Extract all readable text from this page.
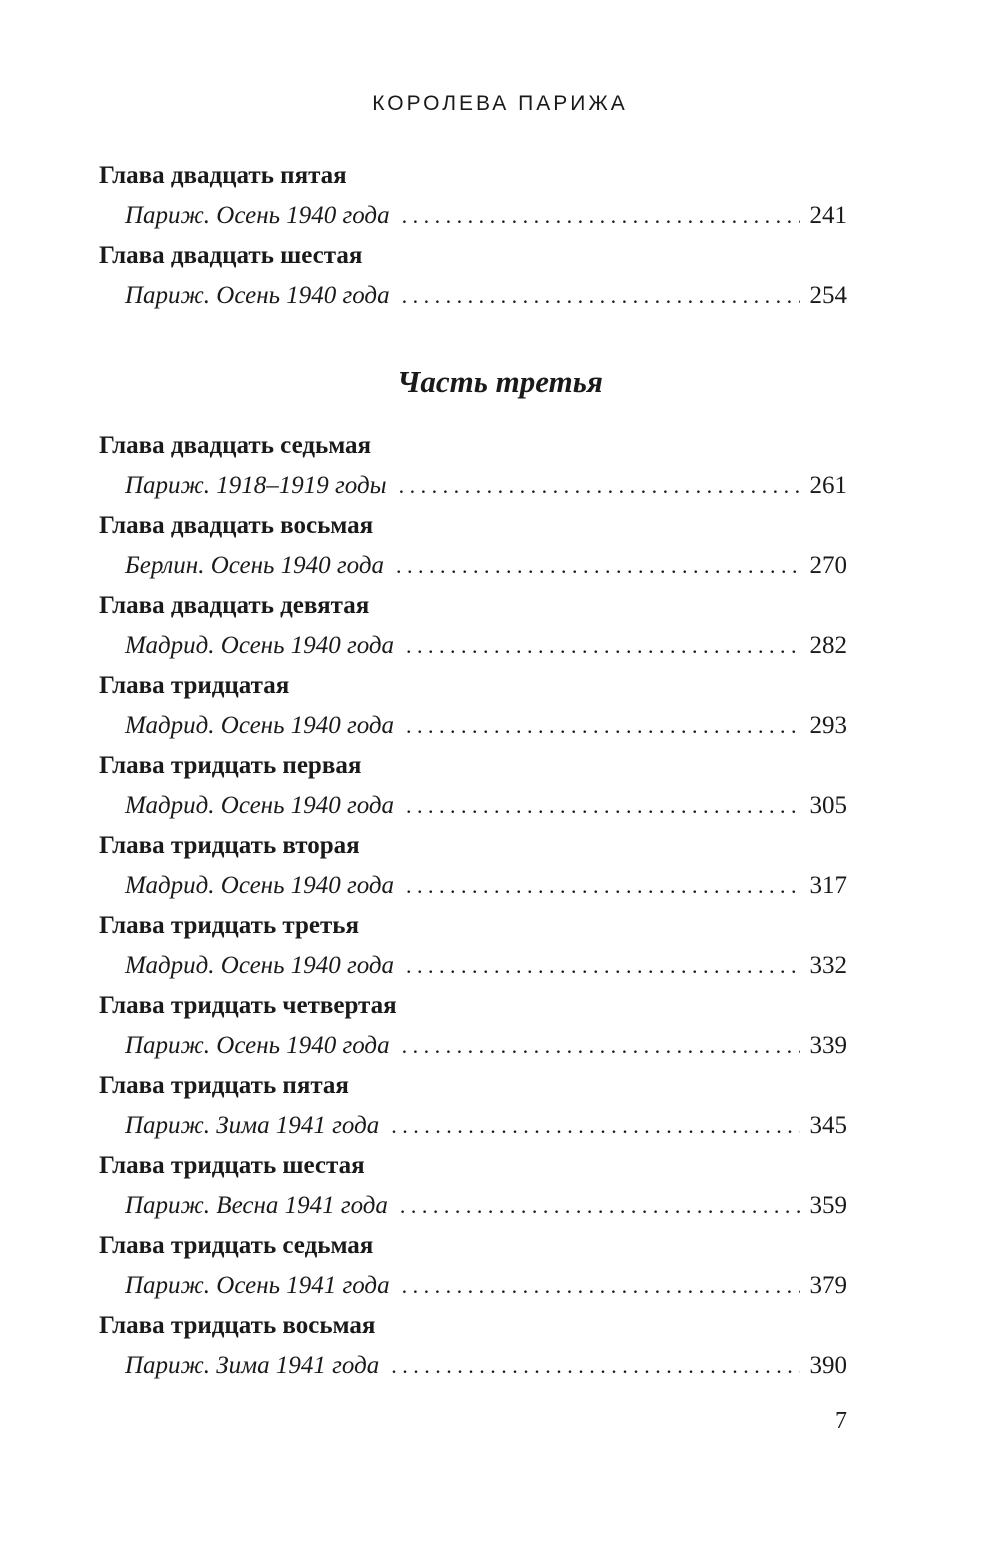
КОРОЛЕВА ПАРИЖА
Глава двадцать пятая
Париж. Осень 1940 года . . .	241
Глава двадцать шестая
Париж. Осень 1940 года . . .	254
Часть третья
Глава двадцать седьмая
Париж. 1918–1919 годы . . .	261
Глава двадцать восьмая
Берлин. Осень 1940 года . . .	270
Глава двадцать девятая
Мадрид. Осень 1940 года . . .	282
Глава тридцатая
Мадрид. Осень 1940 года . . .	293
Глава тридцать первая
Мадрид. Осень 1940 года . . .	305
Глава тридцать вторая
Мадрид. Осень 1940 года . . .	317
Глава тридцать третья
Мадрид. Осень 1940 года . . .	332
Глава тридцать четвертая
Париж. Осень 1940 года . . .	339
Глава тридцать пятая
Париж. Зима 1941 года . . .	345
Глава тридцать шестая
Париж. Весна 1941 года . . .	359
Глава тридцать седьмая
Париж. Осень 1941 года . . .	379
Глава тридцать восьмая
Париж. Зима 1941 года . . .	390
7
